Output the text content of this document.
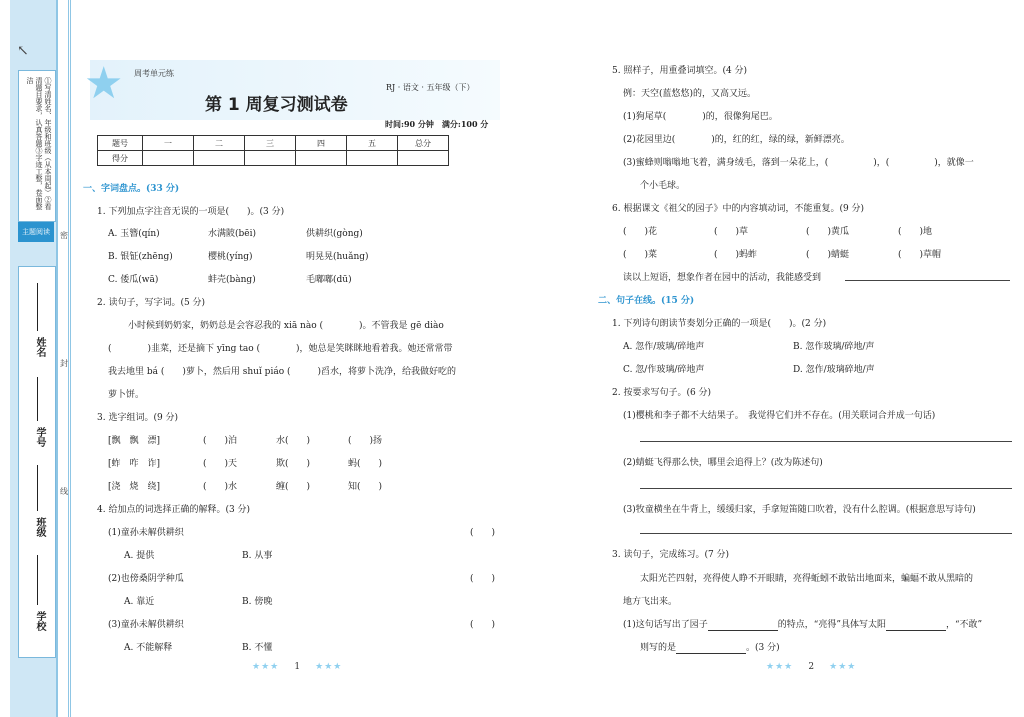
↖
①写清姓名、年级和班级（从本周起）②看清题目要求，认真答题③字迹工整，卷面整洁
主题阅读
姓名
学号
班级
学校
密
封
线
★ 周考单元练
第 1 周复习测试卷
RJ · 语文 · 五年级（下）
时间:90 分钟　满分:100 分
题号	一	二	三	四	五	总分
得分						
一、字词盘点。(33 分)
1. 下列加点字注音无误的一项是(　　)。(3 分)
A. 玉簪(qín)	水满陂(bēi)	供耕织(gòng)
B. 银钲(zhēng)	樱桃(yíng)	明晃晃(huǎng)
C. 倭瓜(wā)	蚌壳(bàng)	毛嘟嘟(dū)
2. 读句子，写字词。(5 分)
小时候到奶奶家，奶奶总是会容忍我的 xiā nào (　　　　)。不管我是 gē diào
(　　　　)韭菜，还是摘下 yīng tao (　　　　)，她总是笑眯眯地看着我。她还常常带
我去地里 bá (　　)萝卜，然后用 shuǐ piáo (　　　)舀水，将萝卜洗净，给我做好吃的
萝卜饼。
3. 选字组词。(9 分)
[飘　飘　漂]	(　　)泊	水(　　)	(　　)扬
[蚱　咋　诈]	(　　)天	欺(　　)	蚂(　　)
[浇　烧　绕]	(　　)水	缠(　　)	知(　　)
4. 给加点的词选择正确的解释。(3 分)
(1)童孙未解供耕织	(　　)
A. 提供	B. 从事
(2)也傍桑阴学种瓜	(　　)
A. 靠近	B. 傍晚
(3)童孙未解供耕织	(　　)
A. 不能解释	B. 不懂
★★★ 1 ★★★
5. 照样子，用重叠词填空。(4 分)
例：天空(蓝悠悠)的，又高又远。
(1)狗尾草(　　　　)的，很像狗尾巴。
(2)花园里边(　　　　)的，红的红，绿的绿，新鲜漂亮。
(3)蜜蜂则嗡嗡地飞着，满身绒毛，落到一朵花上，(　　　　　)，(　　　　　)，就像一
个小毛球。
6. 根据课文《祖父的园子》中的内容填动词，不能重复。(9 分)
(　　)花	(　　)草	(　　)黄瓜	(　　)地
(　　)菜	(　　)蚂蚱	(　　)蜻蜓	(　　)草帽
读以上短语，想象作者在园中的活动，我能感受到
二、句子在线。(15 分)
1. 下列诗句朗读节奏划分正确的一项是(　　)。(2 分)
A. 忽作/玻璃/碎地声	B. 忽作玻璃/碎地/声
C. 忽/作玻璃/碎地声	D. 忽作/玻璃碎地/声
2. 按要求写句子。(6 分)
(1)樱桃和李子都不大结果子。　我觉得它们并不存在。(用关联词合并成一句话)
(2)蜻蜓飞得那么快，哪里会追得上？(改为陈述句)
(3)牧童横坐在牛背上，缓缓归家，手拿短笛随口吹着，没有什么腔调。(根据意思写诗句)
3. 读句子，完成练习。(7 分)
太阳光芒四射，亮得使人睁不开眼睛，亮得蚯蚓不敢钻出地面来，蝙蝠不敢从黑暗的
地方飞出来。
(1)这句话写出了园子	的特点，“亮得”具体写太阳	，“不敢”
则写的是	。(3 分)
★★★ 2 ★★★
